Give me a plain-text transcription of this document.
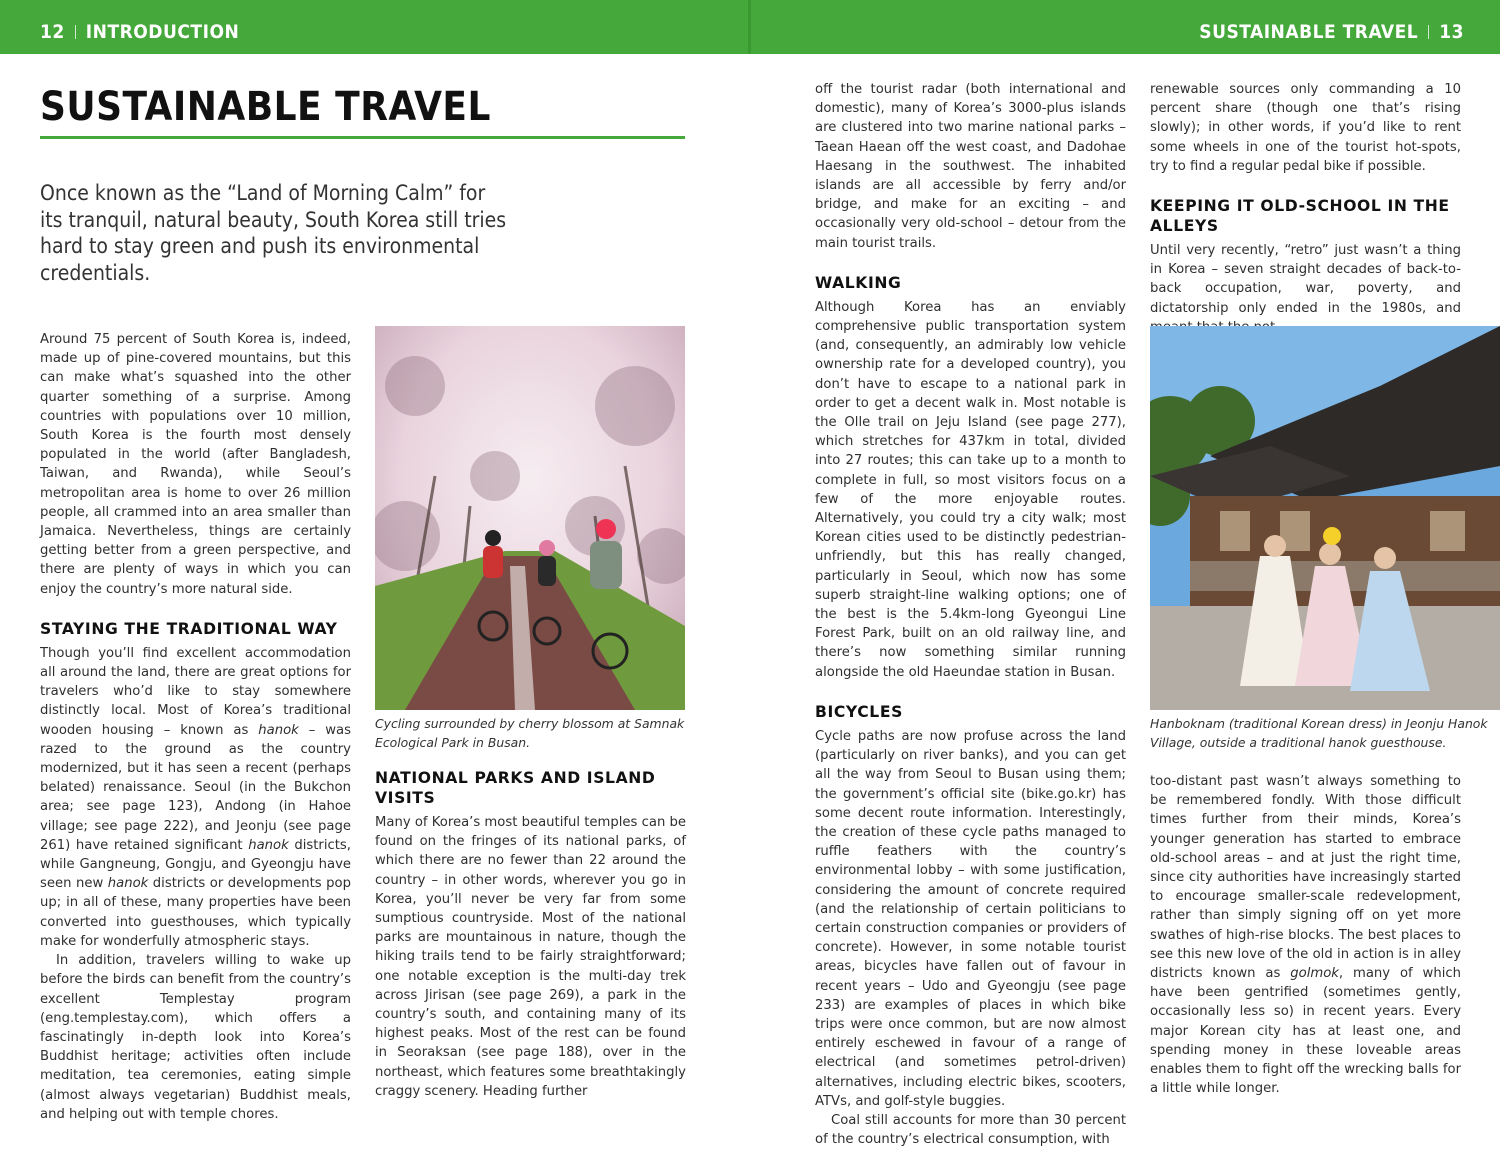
12 INTRODUCTION	SUSTAINABLE TRAVEL 13
SUSTAINABLE TRAVEL
Once known as the “Land of Morning Calm” for its tranquil, natural beauty, South Korea still tries hard to stay green and push its environmental credentials.

Around 75 percent of South Korea is, indeed, made up of pine-covered mountains, but this can make what’s squashed into the other quarter something of a surprise. Among countries with populations over 10 million, South Korea is the fourth most densely populated in the world (after Bangladesh, Taiwan, and Rwanda), while Seoul’s metropolitan area is home to over 26 million people, all crammed into an area smaller than Jamaica. Nevertheless, things are certainly getting better from a green perspective, and there are plenty of ways in which you can enjoy the country’s more natural side.

STAYING THE TRADITIONAL WAY

Though you’ll find excellent accommodation all around the land, there are great options for travelers who’d like to stay somewhere distinctly local. Most of Korea’s traditional wooden housing – known as hanok – was razed to the ground as the country modernized, but it has seen a recent (perhaps belated) renaissance. Seoul (in the Bukchon area; see page 123), Andong (in Hahoe village; see page 222), and Jeonju (see page 261) have retained significant hanok districts, while Gangneung, Gongju, and Gyeongju have seen new hanok districts or developments pop up; in all of these, many properties have been converted into guesthouses, which typically make for wonderfully atmospheric stays.

In addition, travelers willing to wake up before the birds can benefit from the country’s excellent Templestay program (eng.templestay.com), which offers a fascinatingly in-depth look into Korea’s Buddhist heritage; activities often include meditation, tea ceremonies, eating simple (almost always vegetarian) Buddhist meals, and helping out with temple chores.

Cycling surrounded by cherry blossom at Samnak Ecological Park in Busan.
NATIONAL PARKS AND ISLAND VISITS

Many of Korea’s most beautiful temples can be found on the fringes of its national parks, of which there are no fewer than 22 around the country – in other words, wherever you go in Korea, you’ll never be very far from some sumptious countryside. Most of the national parks are mountainous in nature, though the hiking trails tend to be fairly straightforward; one notable exception is the multi-day trek across Jirisan (see page 269), a park in the country’s south, and containing many of its highest peaks. Most of the rest can be found in Seoraksan (see page 188), over in the northeast, which features some breathtakingly craggy scenery. Heading further

off the tourist radar (both international and domestic), many of Korea’s 3000-plus islands are clustered into two marine national parks – Taean Haean off the west coast, and Dadohae Haesang in the southwest. The inhabited islands are all accessible by ferry and/or bridge, and make for an exciting – and occasionally very old-school – detour from the main tourist trails.

WALKING

Although Korea has an enviably comprehensive public transportation system (and, consequently, an admirably low vehicle ownership rate for a developed country), you don’t have to escape to a national park in order to get a decent walk in. Most notable is the Olle trail on Jeju Island (see page 277), which stretches for 437km in total, divided into 27 routes; this can take up to a month to complete in full, so most visitors focus on a few of the more enjoyable routes. Alternatively, you could try a city walk; most Korean cities used to be distinctly pedestrian-unfriendly, but this has really changed, particularly in Seoul, which now has some superb straight-line walking options; one of the best is the 5.4km-long Gyeongui Line Forest Park, built on an old railway line, and there’s now something similar running alongside the old Haeundae station in Busan.

BICYCLES

Cycle paths are now profuse across the land (particularly on river banks), and you can get all the way from Seoul to Busan using them; the government’s official site (bike.go.kr) has some decent route information. Interestingly, the creation of these cycle paths managed to ruffle feathers with the country’s environmental lobby – with some justification, considering the amount of concrete required (and the relationship of certain politicians to certain construction companies or providers of concrete). However, in some notable tourist areas, bicycles have fallen out of favour in recent years – Udo and Gyeongju (see page 233) are examples of places in which bike trips were once common, but are now almost entirely eschewed in favour of a range of electrical (and sometimes petrol-driven) alternatives, including electric bikes, scooters, ATVs, and golf-style buggies.

Coal still accounts for more than 30 percent of the country’s electrical consumption, with

renewable sources only commanding a 10 percent share (though one that’s rising slowly); in other words, if you’d like to rent some wheels in one of the tourist hot-spots, try to find a regular pedal bike if possible.

KEEPING IT OLD-SCHOOL IN THE ALLEYS

Until very recently, “retro” just wasn’t a thing in Korea – seven straight decades of back-to-back occupation, war, poverty, and dictatorship only ended in the 1980s, and

Hanboknam (traditional Korean dress) in Jeonju Hanok Village, outside a traditional hanok guesthouse.

too-distant past wasn’t always something to be remembered fondly. With those difficult times further from their minds, Korea’s younger generation has started to embrace old-school areas – and at just the right time, since city authorities have increasingly started to encourage smaller-scale redevelopment, rather than simply signing off on yet more swathes of high-rise blocks. The best places to see this new love of the old in action is in alley districts known as golmok, many of which have been gentrified (sometimes gently, occasionally less so) in recent years. Every major Korean city has at least one, and spending money in these loveable areas enables them to fight off the wrecking balls for a little while longer.
